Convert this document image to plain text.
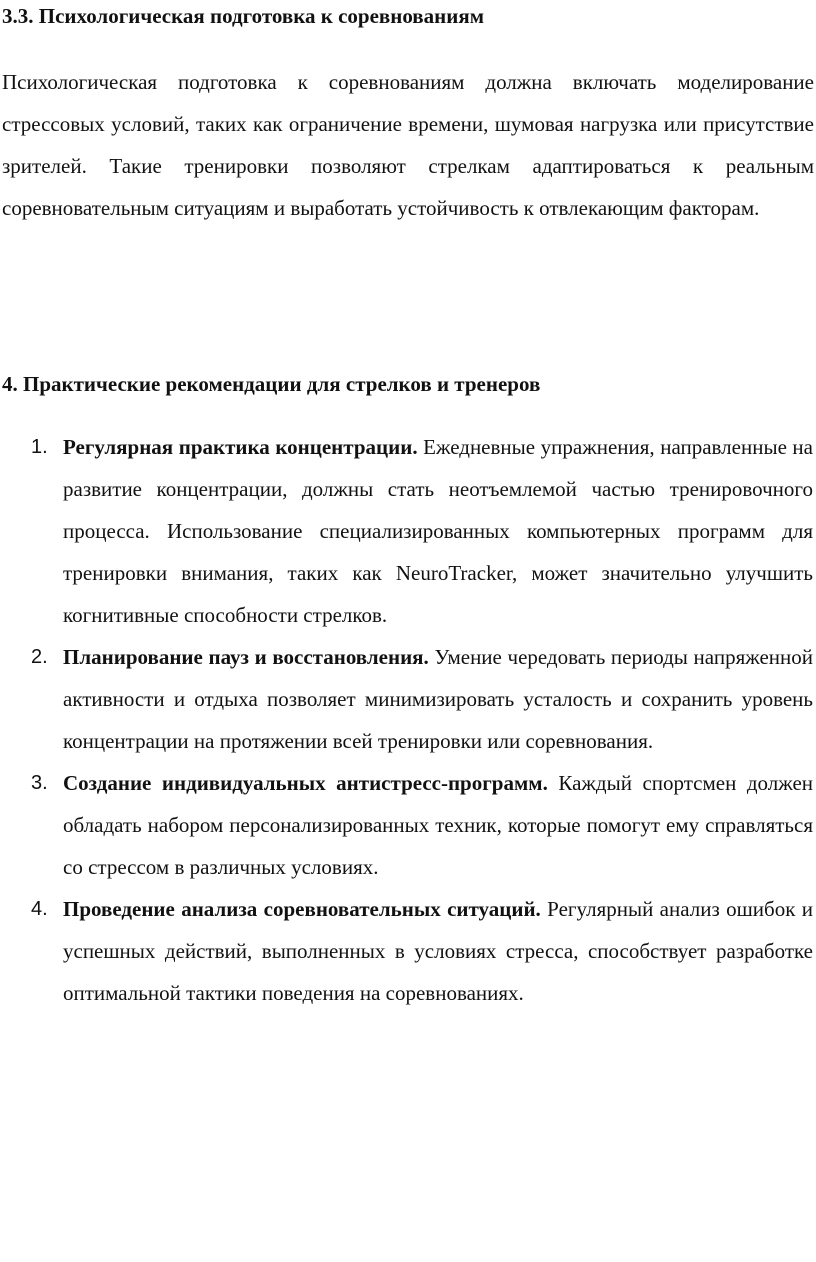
3.3. Психологическая подготовка к соревнованиям

Психологическая подготовка к соревнованиям должна включать моделирование стрессовых условий, таких как ограничение времени, шумовая нагрузка или присутствие зрителей. Такие тренировки позволяют стрелкам адаптироваться к реальным соревновательным ситуациям и выработать устойчивость к отвлекающим факторам.

4. Практические рекомендации для стрелков и тренеров
1. Регулярная практика концентрации. Ежедневные упражнения, направленные на развитие концентрации, должны стать неотъемлемой частью тренировочного процесса. Использование специализированных компьютерных программ для тренировки внимания, таких как NeuroTracker, может значительно улучшить когнитивные способности стрелков.
2. Планирование пауз и восстановления. Умение чередовать периоды напряженной активности и отдыха позволяет минимизировать усталость и сохранить уровень концентрации на протяжении всей тренировки или соревнования.
3. Создание индивидуальных антистресс-программ. Каждый спортсмен должен обладать набором персонализированных техник, которые помогут ему справляться со стрессом в различных условиях.
4. Проведение анализа соревновательных ситуаций. Регулярный анализ ошибок и успешных действий, выполненных в условиях стресса, способствует разработке оптимальной тактики поведения на соревнованиях.
